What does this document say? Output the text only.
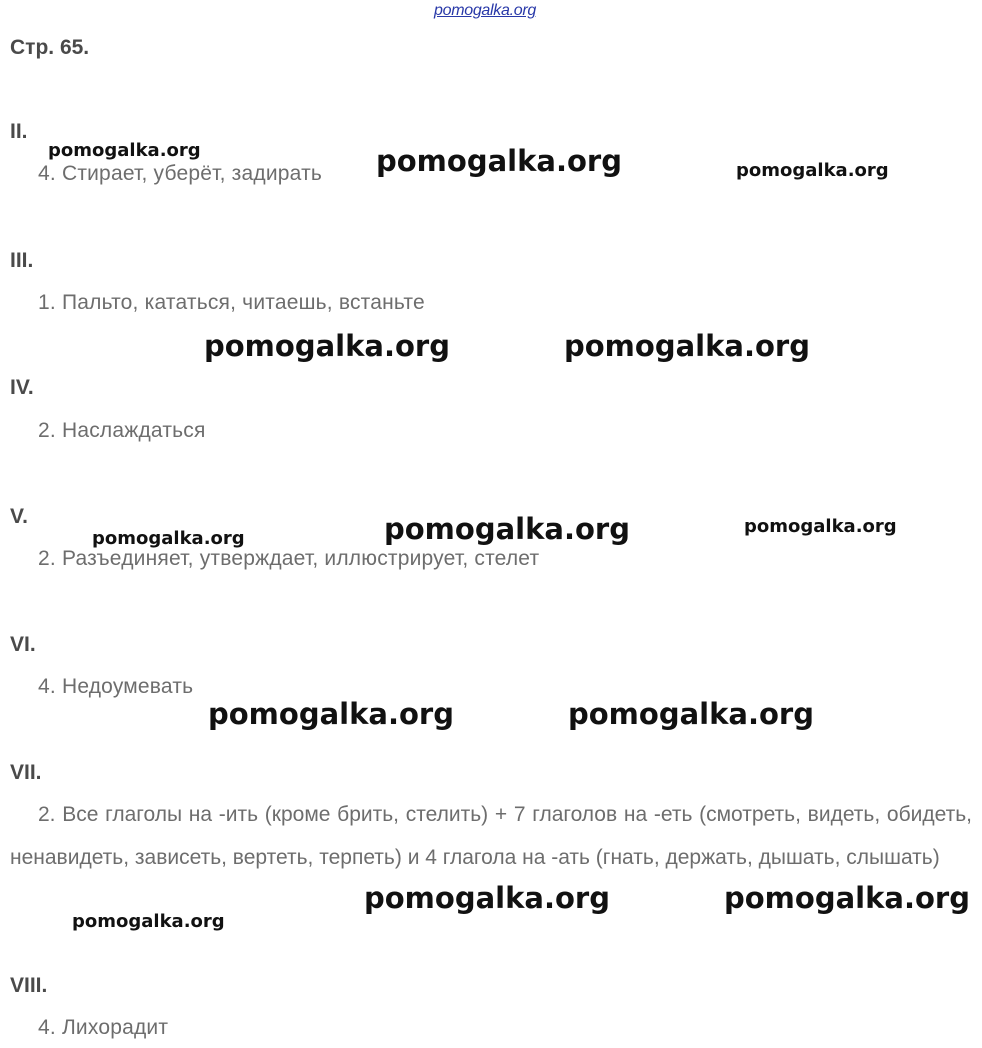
pomogalka.org
Стр. 65.
II.
4. Стирает, уберёт, задирать
III.
1. Пальто, кататься, читаешь, встаньте
IV.
2. Наслаждаться
V.
2. Разъединяет, утверждает, иллюстрирует, стелет
VI.
4. Недоумевать
VII.
2. Все глаголы на -ить (кроме брить, стелить) + 7 глаголов на -еть (смотреть, видеть, обидеть, ненавидеть, зависеть, вертеть, терпеть) и 4 глагола на -ать (гнать, держать, дышать, слышать)
VIII.
4. Лихорадит
pomogalka.org	pomogalka.org	pomogalka.org
pomogalka.org	pomogalka.org
pomogalka.org	pomogalka.org	pomogalka.org
pomogalka.org	pomogalka.org
pomogalka.org	pomogalka.org
pomogalka.org
